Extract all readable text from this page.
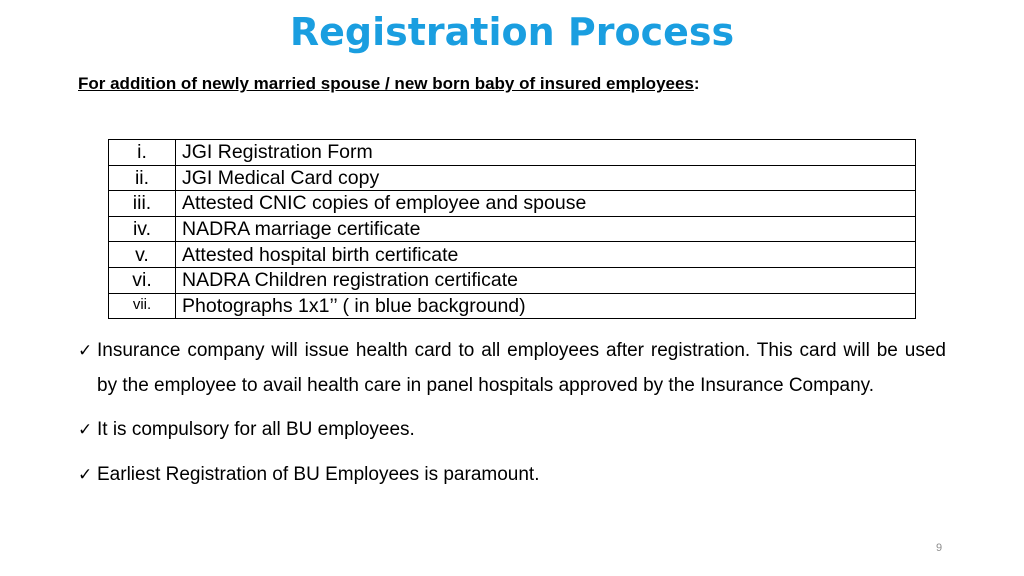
Registration Process
For addition of newly married spouse / new born baby of insured employees:
i.	JGI Registration Form
ii.	JGI Medical Card copy
iii.	Attested CNIC copies of employee and spouse
iv.	NADRA marriage certificate
v.	Attested hospital birth certificate
vi.	NADRA Children registration certificate
vii.	Photographs 1x1’’ ( in blue background)
✓ Insurance company will issue health card to all employees after registration. This card will be used by the employee to avail health care in panel hospitals approved by the Insurance Company.
✓ It is compulsory for all BU employees.
✓ Earliest Registration of BU Employees is paramount.
9
